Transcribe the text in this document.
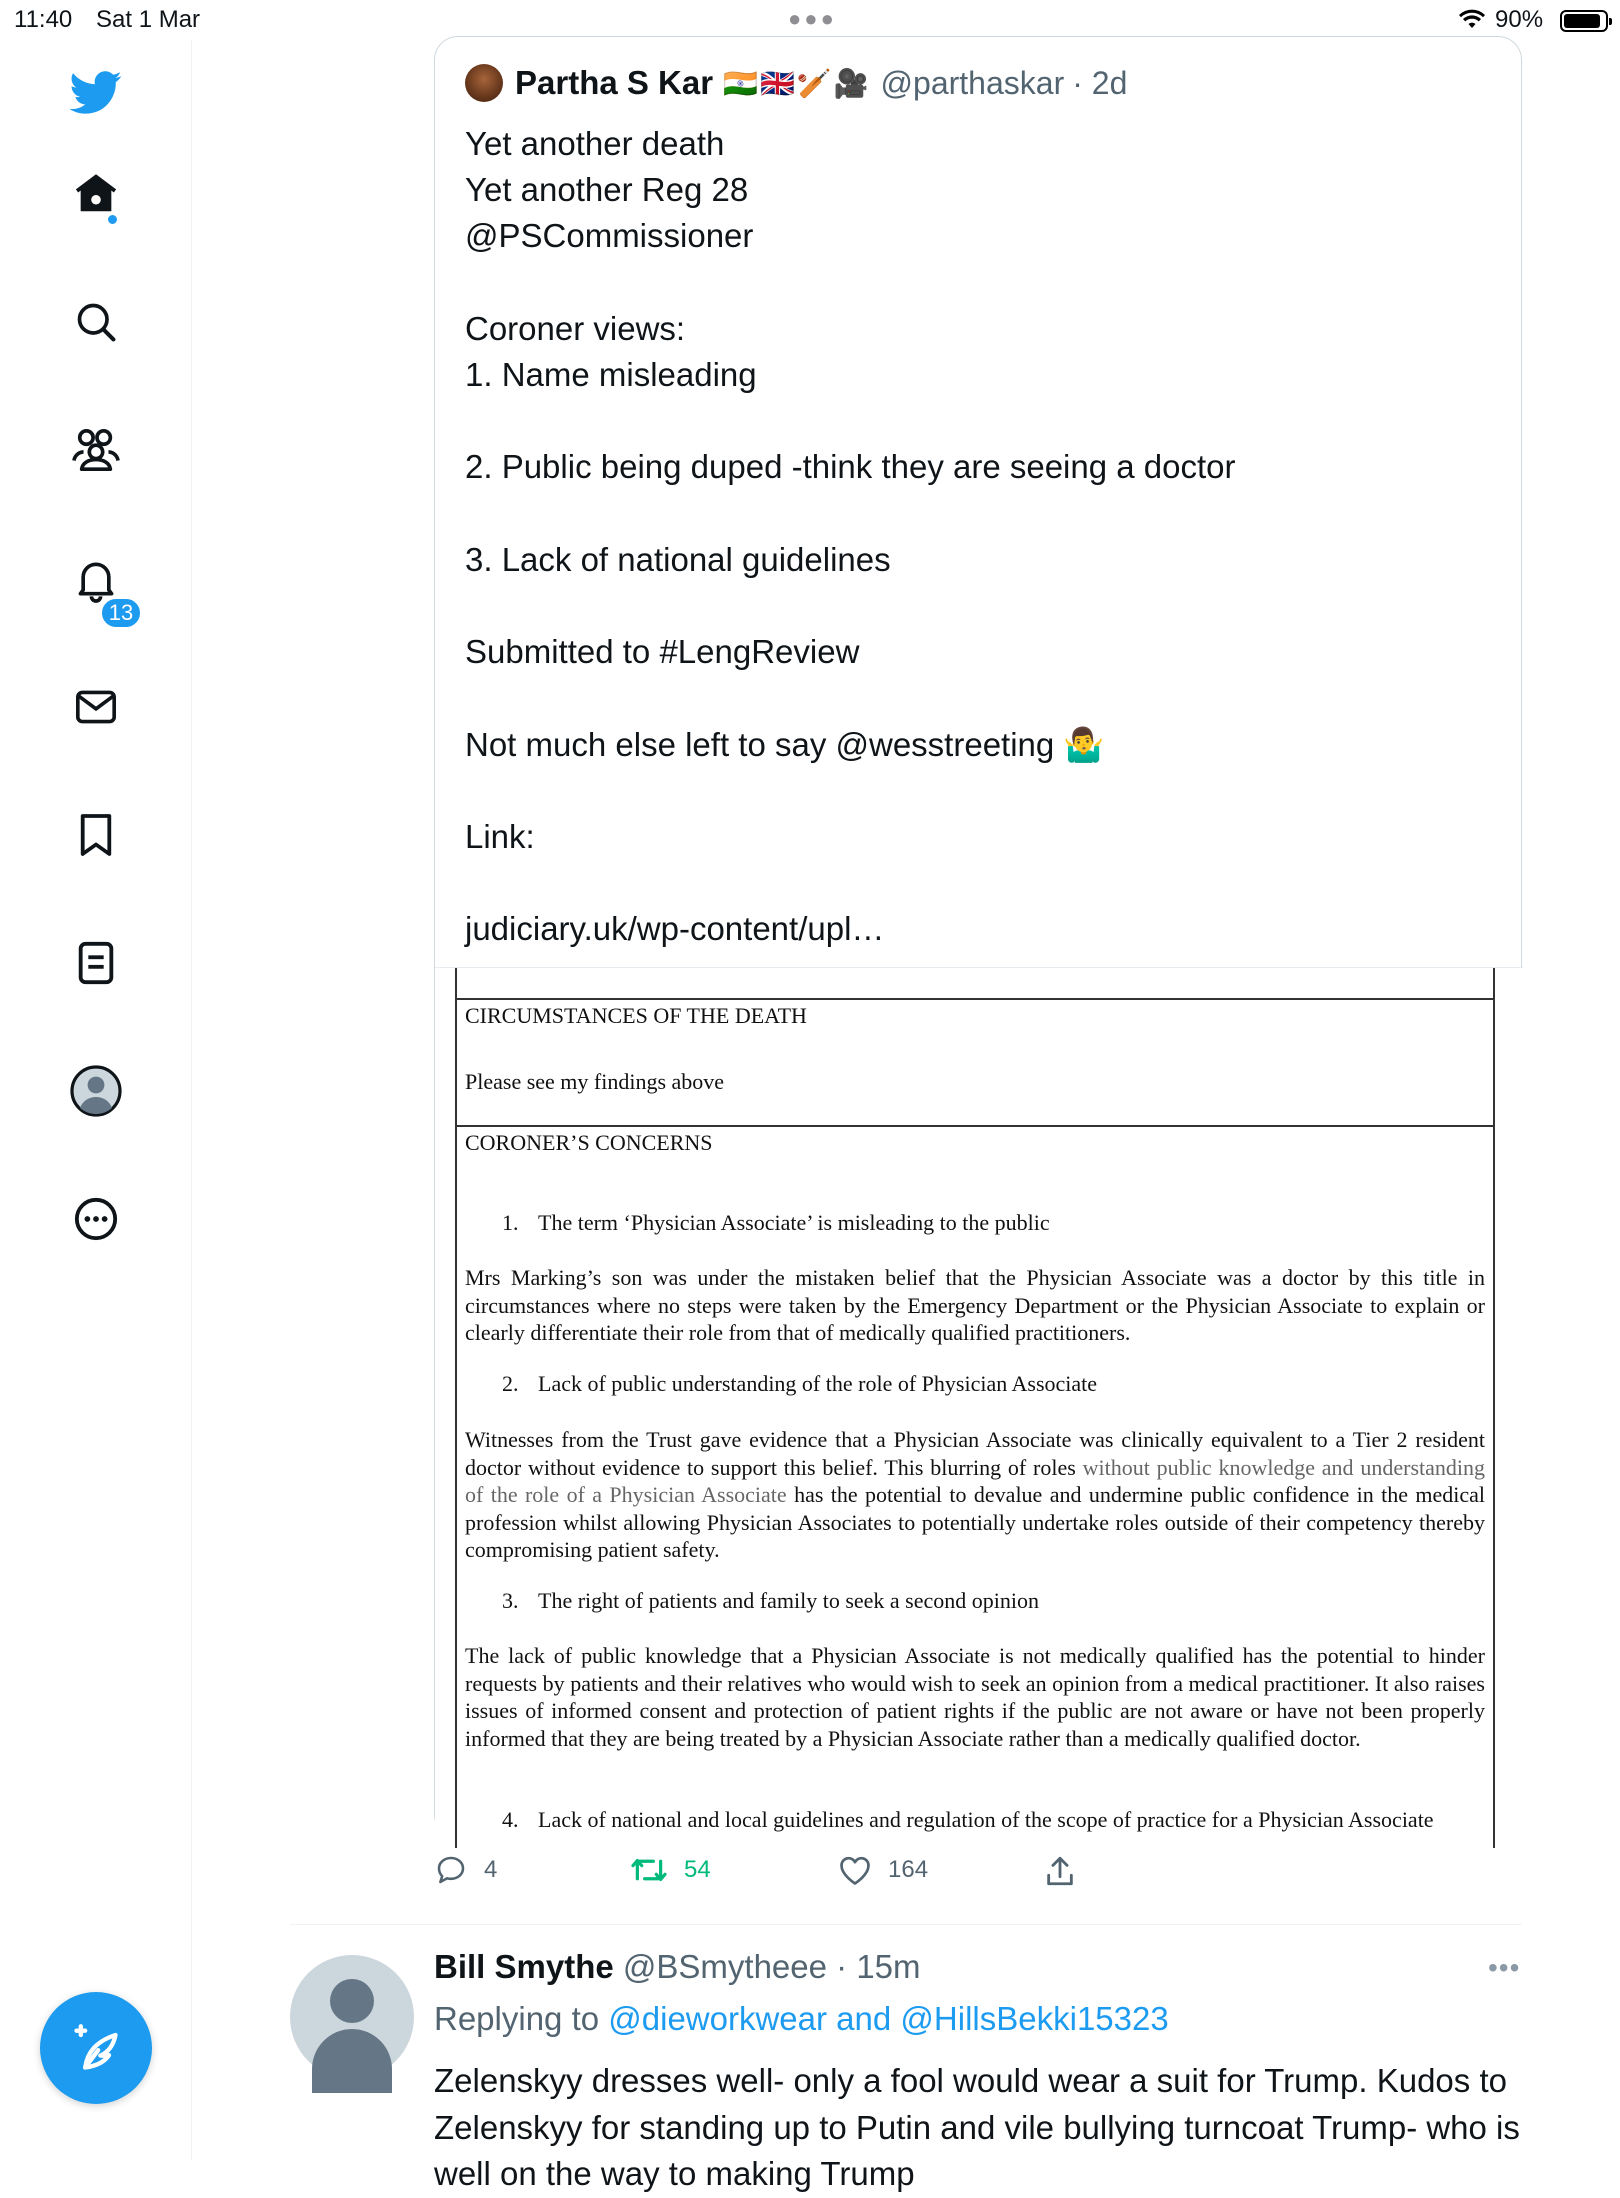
11:40 Sat 1 Mar	●●●	90%
13
Partha S Kar 🇮🇳🇬🇧🏏🎥 @parthaskar · 2d
Yet another death
Yet another Reg 28
@PSCommissioner

Coroner views:
1. Name misleading

2. Public being duped -think they are seeing a doctor

3. Lack of national guidelines

Submitted to #LengReview

Not much else left to say @wesstreeting 🤷‍♂️

Link:

judiciary.uk/wp-content/upl…
CIRCUMSTANCES OF THE DEATH
Please see my findings above
CORONER’S CONCERNS
1. The term ‘Physician Associate’ is misleading to the public
Mrs Marking’s son was under the mistaken belief that the Physician Associate was a doctor by this title in circumstances where no steps were taken by the Emergency Department or the Physician Associate to explain or clearly differentiate their role from that of medically qualified practitioners.
2. Lack of public understanding of the role of Physician Associate
Witnesses from the Trust gave evidence that a Physician Associate was clinically equivalent to a Tier 2 resident doctor without evidence to support this belief. This blurring of roles without public knowledge and understanding of the role of a Physician Associate has the potential to devalue and undermine public confidence in the medical profession whilst allowing Physician Associates to potentially undertake roles outside of their competency thereby compromising patient safety.
3. The right of patients and family to seek a second opinion
The lack of public knowledge that a Physician Associate is not medically qualified has the potential to hinder requests by patients and their relatives who would wish to seek an opinion from a medical practitioner. It also raises issues of informed consent and protection of patient rights if the public are not aware or have not been properly informed that they are being treated by a Physician Associate rather than a medically qualified doctor.
4. Lack of national and local guidelines and regulation of the scope of practice for a Physician Associate
4	54	164
Bill Smythe @BSmytheee · 15m	•••
Replying to @dieworkwear and @HillsBekki15323
Zelenskyy dresses well- only a fool would wear a suit for Trump. Kudos to Zelenskyy for standing up to Putin and vile bullying turncoat Trump- who is well on the way to making Trump
